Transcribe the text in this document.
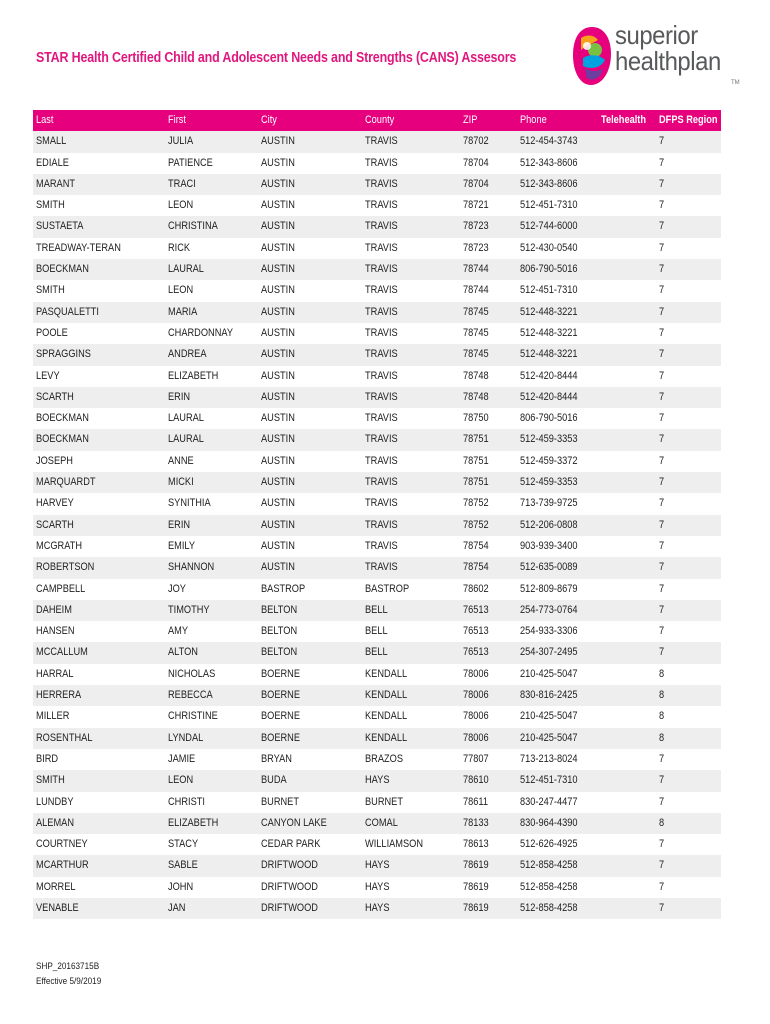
STAR Health Certified Child and Adolescent Needs and Strengths (CANS) Assesors
superior
healthplan
TM
Last	First	City	County	ZIP	Phone	Telehealth	DFPS Region
SMALL	JULIA	AUSTIN	TRAVIS	78702	512-454-3743		7
EDIALE	PATIENCE	AUSTIN	TRAVIS	78704	512-343-8606		7
MARANT	TRACI	AUSTIN	TRAVIS	78704	512-343-8606		7
SMITH	LEON	AUSTIN	TRAVIS	78721	512-451-7310		7
SUSTAETA	CHRISTINA	AUSTIN	TRAVIS	78723	512-744-6000		7
TREADWAY-TERAN	RICK	AUSTIN	TRAVIS	78723	512-430-0540		7
BOECKMAN	LAURAL	AUSTIN	TRAVIS	78744	806-790-5016		7
SMITH	LEON	AUSTIN	TRAVIS	78744	512-451-7310		7
PASQUALETTI	MARIA	AUSTIN	TRAVIS	78745	512-448-3221		7
POOLE	CHARDONNAY	AUSTIN	TRAVIS	78745	512-448-3221		7
SPRAGGINS	ANDREA	AUSTIN	TRAVIS	78745	512-448-3221		7
LEVY	ELIZABETH	AUSTIN	TRAVIS	78748	512-420-8444		7
SCARTH	ERIN	AUSTIN	TRAVIS	78748	512-420-8444		7
BOECKMAN	LAURAL	AUSTIN	TRAVIS	78750	806-790-5016		7
BOECKMAN	LAURAL	AUSTIN	TRAVIS	78751	512-459-3353		7
JOSEPH	ANNE	AUSTIN	TRAVIS	78751	512-459-3372		7
MARQUARDT	MICKI	AUSTIN	TRAVIS	78751	512-459-3353		7
HARVEY	SYNITHIA	AUSTIN	TRAVIS	78752	713-739-9725		7
SCARTH	ERIN	AUSTIN	TRAVIS	78752	512-206-0808		7
MCGRATH	EMILY	AUSTIN	TRAVIS	78754	903-939-3400		7
ROBERTSON	SHANNON	AUSTIN	TRAVIS	78754	512-635-0089		7
CAMPBELL	JOY	BASTROP	BASTROP	78602	512-809-8679		7
DAHEIM	TIMOTHY	BELTON	BELL	76513	254-773-0764		7
HANSEN	AMY	BELTON	BELL	76513	254-933-3306		7
MCCALLUM	ALTON	BELTON	BELL	76513	254-307-2495		7
HARRAL	NICHOLAS	BOERNE	KENDALL	78006	210-425-5047		8
HERRERA	REBECCA	BOERNE	KENDALL	78006	830-816-2425		8
MILLER	CHRISTINE	BOERNE	KENDALL	78006	210-425-5047		8
ROSENTHAL	LYNDAL	BOERNE	KENDALL	78006	210-425-5047		8
BIRD	JAMIE	BRYAN	BRAZOS	77807	713-213-8024		7
SMITH	LEON	BUDA	HAYS	78610	512-451-7310		7
LUNDBY	CHRISTI	BURNET	BURNET	78611	830-247-4477		7
ALEMAN	ELIZABETH	CANYON LAKE	COMAL	78133	830-964-4390		8
COURTNEY	STACY	CEDAR PARK	WILLIAMSON	78613	512-626-4925		7
MCARTHUR	SABLE	DRIFTWOOD	HAYS	78619	512-858-4258		7
MORREL	JOHN	DRIFTWOOD	HAYS	78619	512-858-4258		7
VENABLE	JAN	DRIFTWOOD	HAYS	78619	512-858-4258		7
SHP_20163715B
Effective 5/9/2019
